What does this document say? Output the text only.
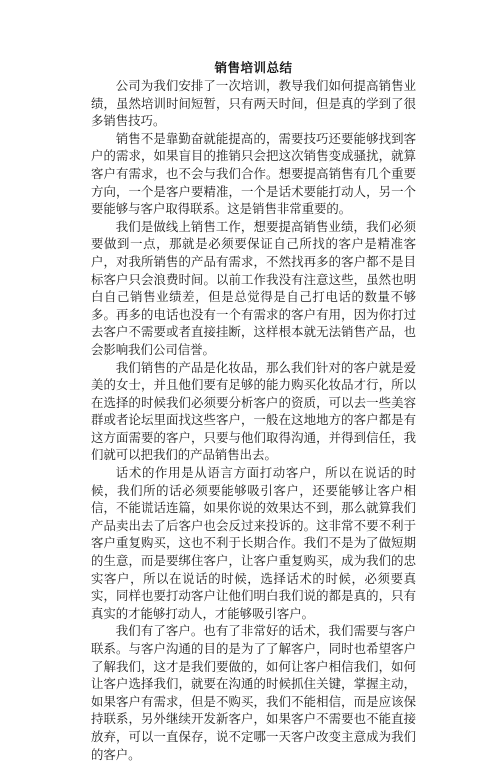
销售培训总结

公司为我们安排了一次培训，教导我们如何提高销售业绩，虽然培训时间短暂，只有两天时间，但是真的学到了很多销售技巧。

销售不是靠勤奋就能提高的，需要技巧还要能够找到客户的需求，如果盲目的推销只会把这次销售变成骚扰，就算客户有需求，也不会与我们合作。想要提高销售有几个重要方向，一个是客户要精准，一个是话术要能打动人，另一个要能够与客户取得联系。这是销售非常重要的。

我们是做线上销售工作，想要提高销售业绩，我们必须要做到一点，那就是必须要保证自己所找的客户是精准客户，对我所销售的产品有需求，不然找再多的客户都不是目标客户只会浪费时间。以前工作我没有注意这些，虽然也明白自己销售业绩差，但是总觉得是自己打电话的数量不够多。再多的电话也没有一个有需求的客户有用，因为你打过去客户不需要或者直接挂断，这样根本就无法销售产品，也会影响我们公司信誉。

我们销售的产品是化妆品，那么我们针对的客户就是爱美的女士，并且他们要有足够的能力购买化妆品才行，所以在选择的时候我们必须要分析客户的资质，可以去一些美容群或者论坛里面找这些客户，一般在这地地方的客户都是有这方面需要的客户，只要与他们取得沟通，并得到信任，我们就可以把我们的产品销售出去。

话术的作用是从语言方面打动客户，所以在说话的时候，我们所的话必须要能够吸引客户，还要能够让客户相信，不能谎话连篇，如果你说的效果达不到，那么就算我们产品卖出去了后客户也会反过来投诉的。这非常不要不利于客户重复购买，这也不利于长期合作。我们不是为了做短期的生意，而是要绑住客户，让客户重复购买，成为我们的忠实客户，所以在说话的时候，选择话术的时候，必须要真实，同样也要打动客户让他们明白我们说的都是真的，只有真实的才能够打动人，才能够吸引客户。

我们有了客户。也有了非常好的话术，我们需要与客户联系。与客户沟通的目的是为了了解客户，同时也希望客户了解我们，这才是我们要做的，如何让客户相信我们，如何让客户选择我们，就要在沟通的时候抓住关键，掌握主动，如果客户有需求，但是不购买，我们不能相信，而是应该保持联系，另外继续开发新客户，如果客户不需要也不能直接放弃，可以一直保存，说不定哪一天客户改变主意成为我们的客户。
